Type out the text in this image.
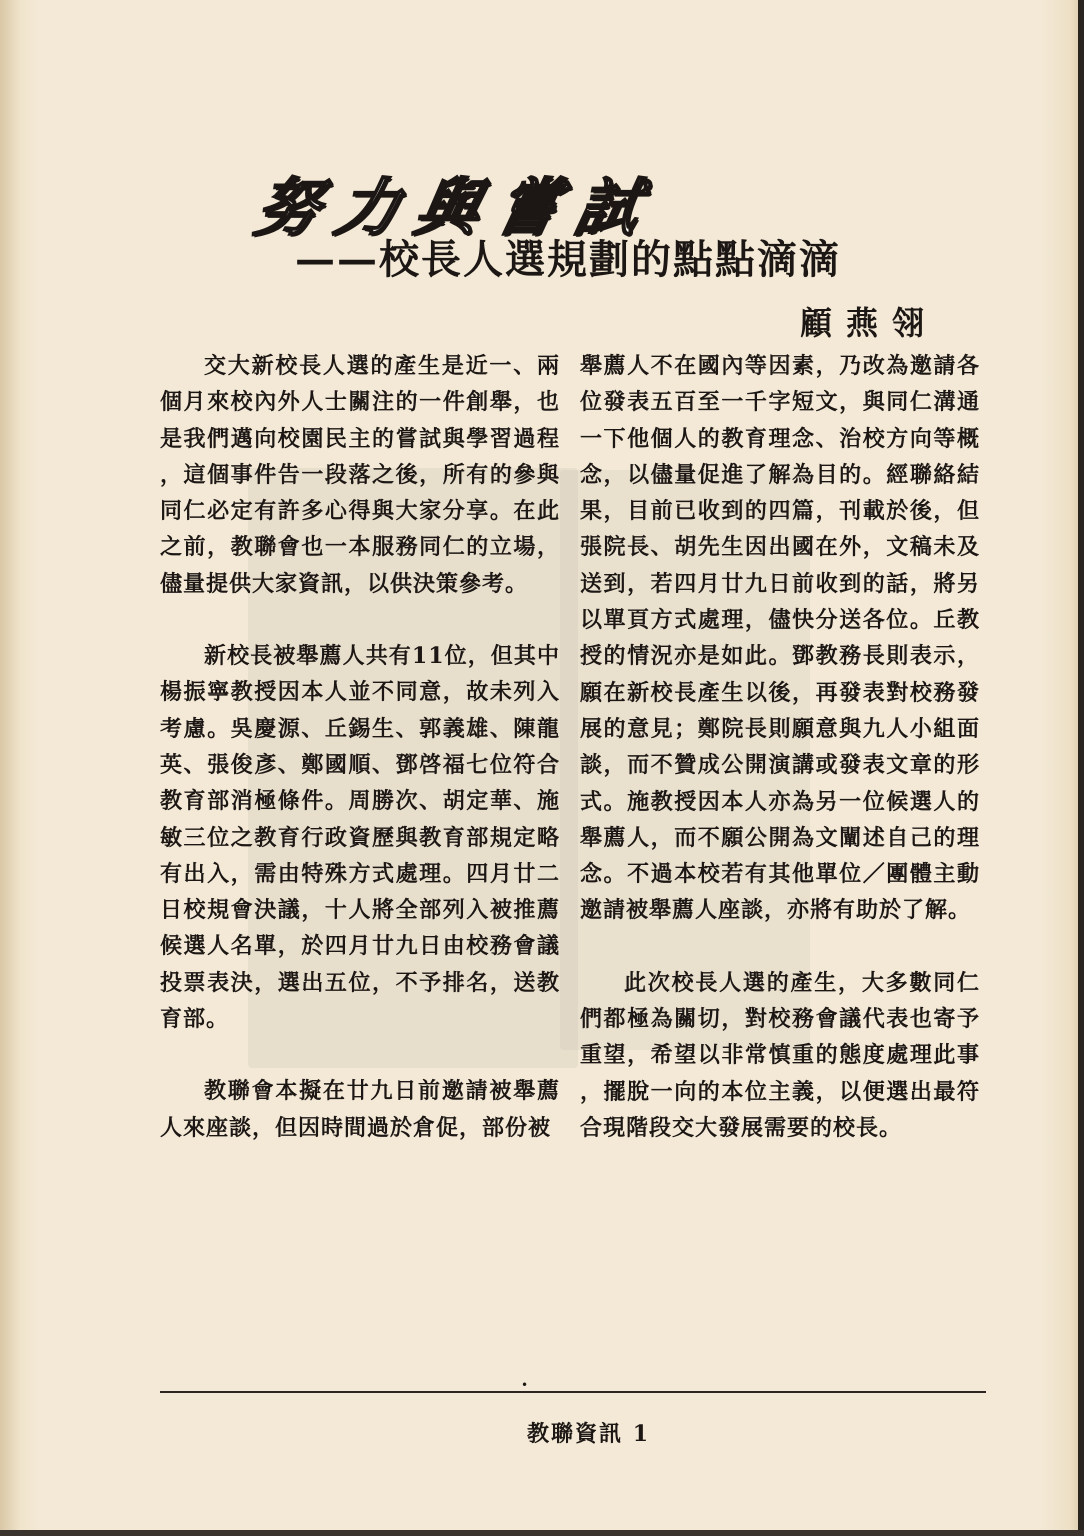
努力與嘗試
——校長人選規劃的點點滴滴
顧燕翎

交大新校長人選的產生是近一、兩個月來校內外人士關注的一件創舉，也是我們邁向校園民主的嘗試與學習過程，這個事件告一段落之後，所有的參與同仁必定有許多心得與大家分享。在此之前，教聯會也一本服務同仁的立場，儘量提供大家資訊，以供決策參考。

新校長被舉薦人共有11位，但其中楊振寧教授因本人並不同意，故未列入考慮。吳慶源、丘錫生、郭義雄、陳龍英、張俊彥、鄭國順、鄧啓福七位符合教育部消極條件。周勝次、胡定華、施敏三位之教育行政資歷與教育部規定略有出入，需由特殊方式處理。四月廿二日校規會決議，十人將全部列入被推薦候選人名單，於四月廿九日由校務會議投票表決，選出五位，不予排名，送教育部。

教聯會本擬在廿九日前邀請被舉薦人來座談，但因時間過於倉促，部份被

舉薦人不在國內等因素，乃改為邀請各位發表五百至一千字短文，與同仁溝通一下他個人的教育理念、治校方向等概念，以儘量促進了解為目的。經聯絡結果，目前已收到的四篇，刊載於後，但張院長、胡先生因出國在外，文稿未及送到，若四月廿九日前收到的話，將另以單頁方式處理，儘快分送各位。丘教授的情況亦是如此。鄧教務長則表示，願在新校長產生以後，再發表對校務發展的意見；鄭院長則願意與九人小組面談，而不贊成公開演講或發表文章的形式。施教授因本人亦為另一位候選人的舉薦人，而不願公開為文闡述自己的理念。不過本校若有其他單位／團體主動邀請被舉薦人座談，亦將有助於了解。

此次校長人選的產生，大多數同仁們都極為關切，對校務會議代表也寄予重望，希望以非常慎重的態度處理此事，擺脫一向的本位主義，以便選出最符合現階段交大發展需要的校長。

•
教聯資訊 1
